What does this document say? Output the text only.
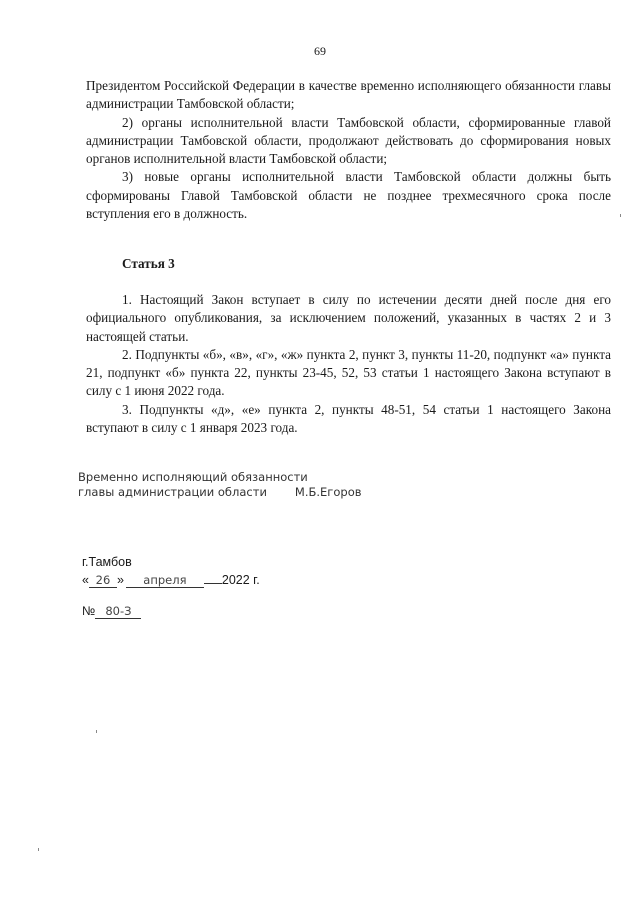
69

Президентом Российской Федерации в качестве временно исполняющего обязанности главы администрации Тамбовской области;

2) органы исполнительной власти Тамбовской области, сформированные главой администрации Тамбовской области, продолжают действовать до сформирования новых органов исполнительной власти Тамбовской области;

3) новые органы исполнительной власти Тамбовской области должны быть сформированы Главой Тамбовской области не позднее трехмесячного срока после вступления его в должность.

Статья 3

1. Настоящий Закон вступает в силу по истечении десяти дней после дня его официального опубликования, за исключением положений, указанных в частях 2 и 3 настоящей статьи.

2. Подпункты «б», «в», «г», «ж» пункта 2, пункт 3, пункты 11-20, подпункт «а» пункта 21, подпункт «б» пункта 22, пункты 23-45, 52, 53 статьи 1 настоящего Закона вступают в силу с 1 июня 2022 года.

3. Подпункты «д», «е» пункта 2, пункты 48-51, 54 статьи 1 настоящего Закона вступают в силу с 1 января 2023 года.

Временно исполняющий обязанности
главы администрации области М.Б.Егоров
г.Тамбов
« 26 » апреля	2022 г.
№ 80-З
